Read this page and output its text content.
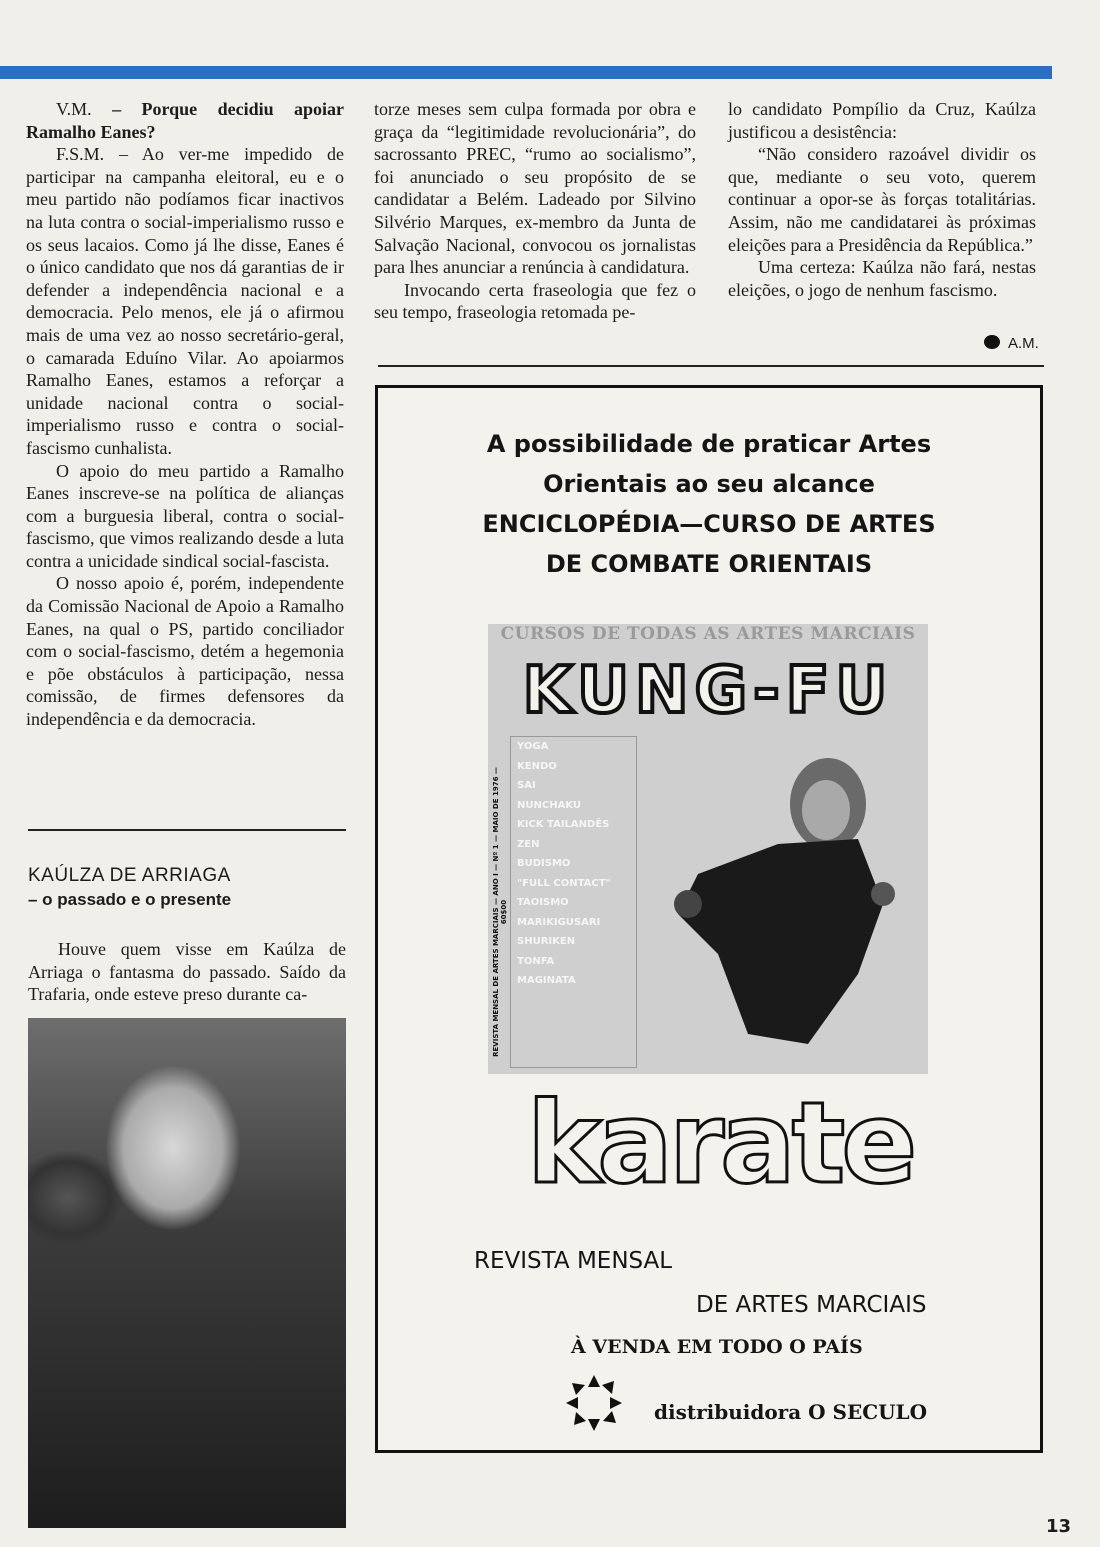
V.M. – Porque decidiu apoiar Ramalho Eanes?

F.S.M. – Ao ver-me impedido de participar na campanha eleitoral, eu e o meu partido não podíamos ficar inactivos na luta contra o social-imperialismo russo e os seus lacaios. Como já lhe disse, Eanes é o único candidato que nos dá garantias de ir defender a independência nacional e a democracia. Pelo menos, ele já o afirmou mais de uma vez ao nosso secretário-geral, o camarada Eduíno Vilar. Ao apoiarmos Ramalho Eanes, estamos a reforçar a unidade nacional contra o social-imperialismo russo e contra o social-fascismo cunhalista.

O apoio do meu partido a Ramalho Eanes inscreve-se na política de alianças com a burguesia liberal, contra o social-fascismo, que vimos realizando desde a luta contra a unicidade sindical social-fascista.

O nosso apoio é, porém, independente da Comissão Nacional de Apoio a Ramalho Eanes, na qual o PS, partido conciliador com o social-fascismo, detém a hegemonia e põe obstáculos à participação, nessa comissão, de firmes defensores da independência e da democracia.

KAÚLZA DE ARRIAGA
– o passado e o presente

Houve quem visse em Kaúlza de Arriaga o fantasma do passado. Saído da Trafaria, onde esteve preso durante ca-

torze meses sem culpa formada por obra e graça da “legitimidade revolucionária”, do sacrossanto PREC, “rumo ao socialismo”, foi anunciado o seu propósito de se candidatar a Belém. Ladeado por Silvino Silvério Marques, ex-membro da Junta de Salvação Nacional, convocou os jornalistas para lhes anunciar a renúncia à candidatura.

Invocando certa fraseologia que fez o seu tempo, fraseologia retomada pe-

lo candidato Pompílio da Cruz, Kaúlza justificou a desistência:

“Não considero razoável dividir os que, mediante o seu voto, querem continuar a opor-se às forças totalitárias. Assim, não me candidatarei às próximas eleições para a Presidência da República.”

Uma certeza: Kaúlza não fará, nestas eleições, o jogo de nenhum fascismo.

A.M.
A possibilidade de praticar Artes
Orientais ao seu alcance
ENCICLOPÉDIA—CURSO DE ARTES
DE COMBATE ORIENTAIS
CURSOS DE TODAS AS ARTES MARCIAIS
KUNG-FU
REVISTA MENSAL DE ARTES MARCIAIS — ANO I — Nº 1 — MAIO DE 1976 — 60$00
YOGA
KENDO
SAI
NUNCHAKU
KICK TAILANDÊS
ZEN
BUDISMO
"FULL CONTACT"
TAOISMO
MARIKIGUSARI
SHURIKEN
TONFA
MAGINATA
karate
REVISTA MENSAL
DE ARTES MARCIAIS
À VENDA EM TODO O PAÍS
distribuidora O SECULO
13
